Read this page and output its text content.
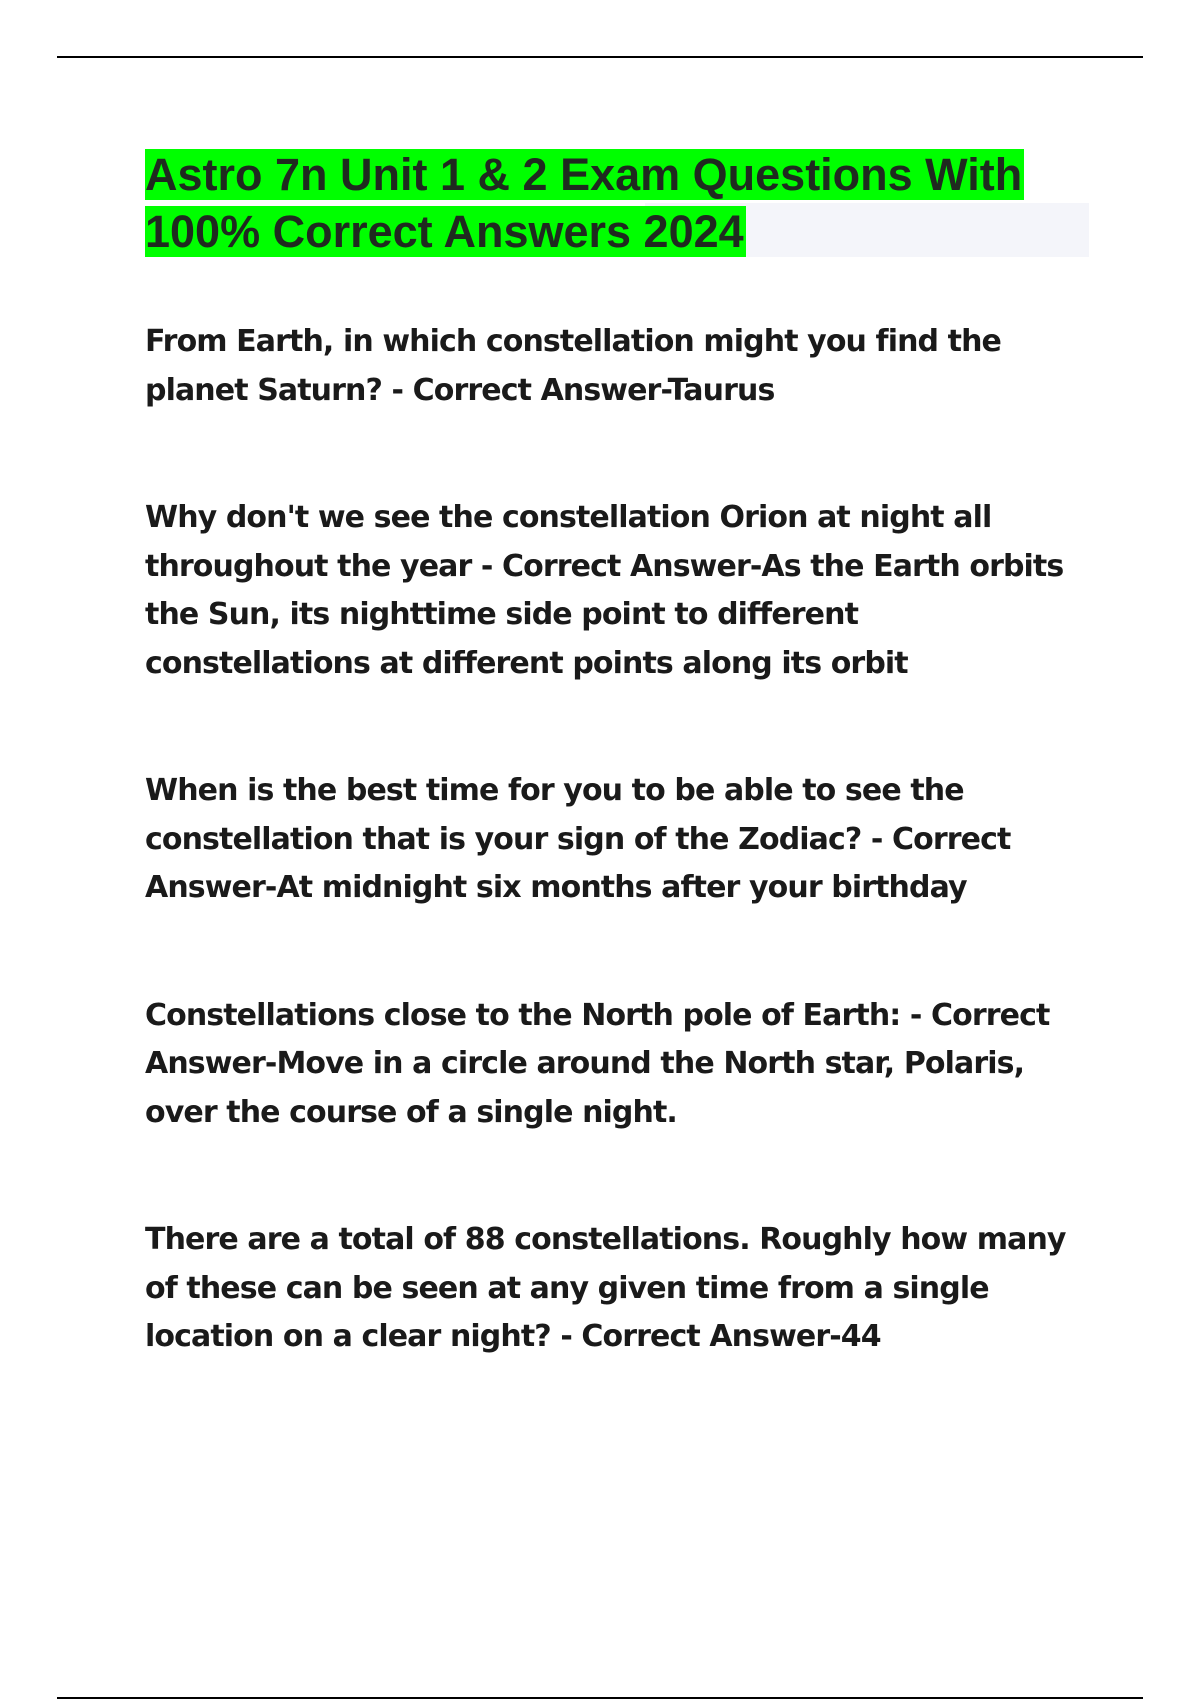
Astro 7n Unit 1 & 2 Exam Questions With
100% Correct Answers 2024

From Earth, in which constellation might you find the planet Saturn? - Correct Answer-Taurus

Why don't we see the constellation Orion at night all throughout the year - Correct Answer-As the Earth orbits the Sun, its nighttime side point to different constellations at different points along its orbit

When is the best time for you to be able to see the constellation that is your sign of the Zodiac? - Correct Answer-At midnight six months after your birthday

Constellations close to the North pole of Earth: - Correct Answer-Move in a circle around the North star, Polaris, over the course of a single night.

There are a total of 88 constellations. Roughly how many of these can be seen at any given time from a single location on a clear night? - Correct Answer-44
